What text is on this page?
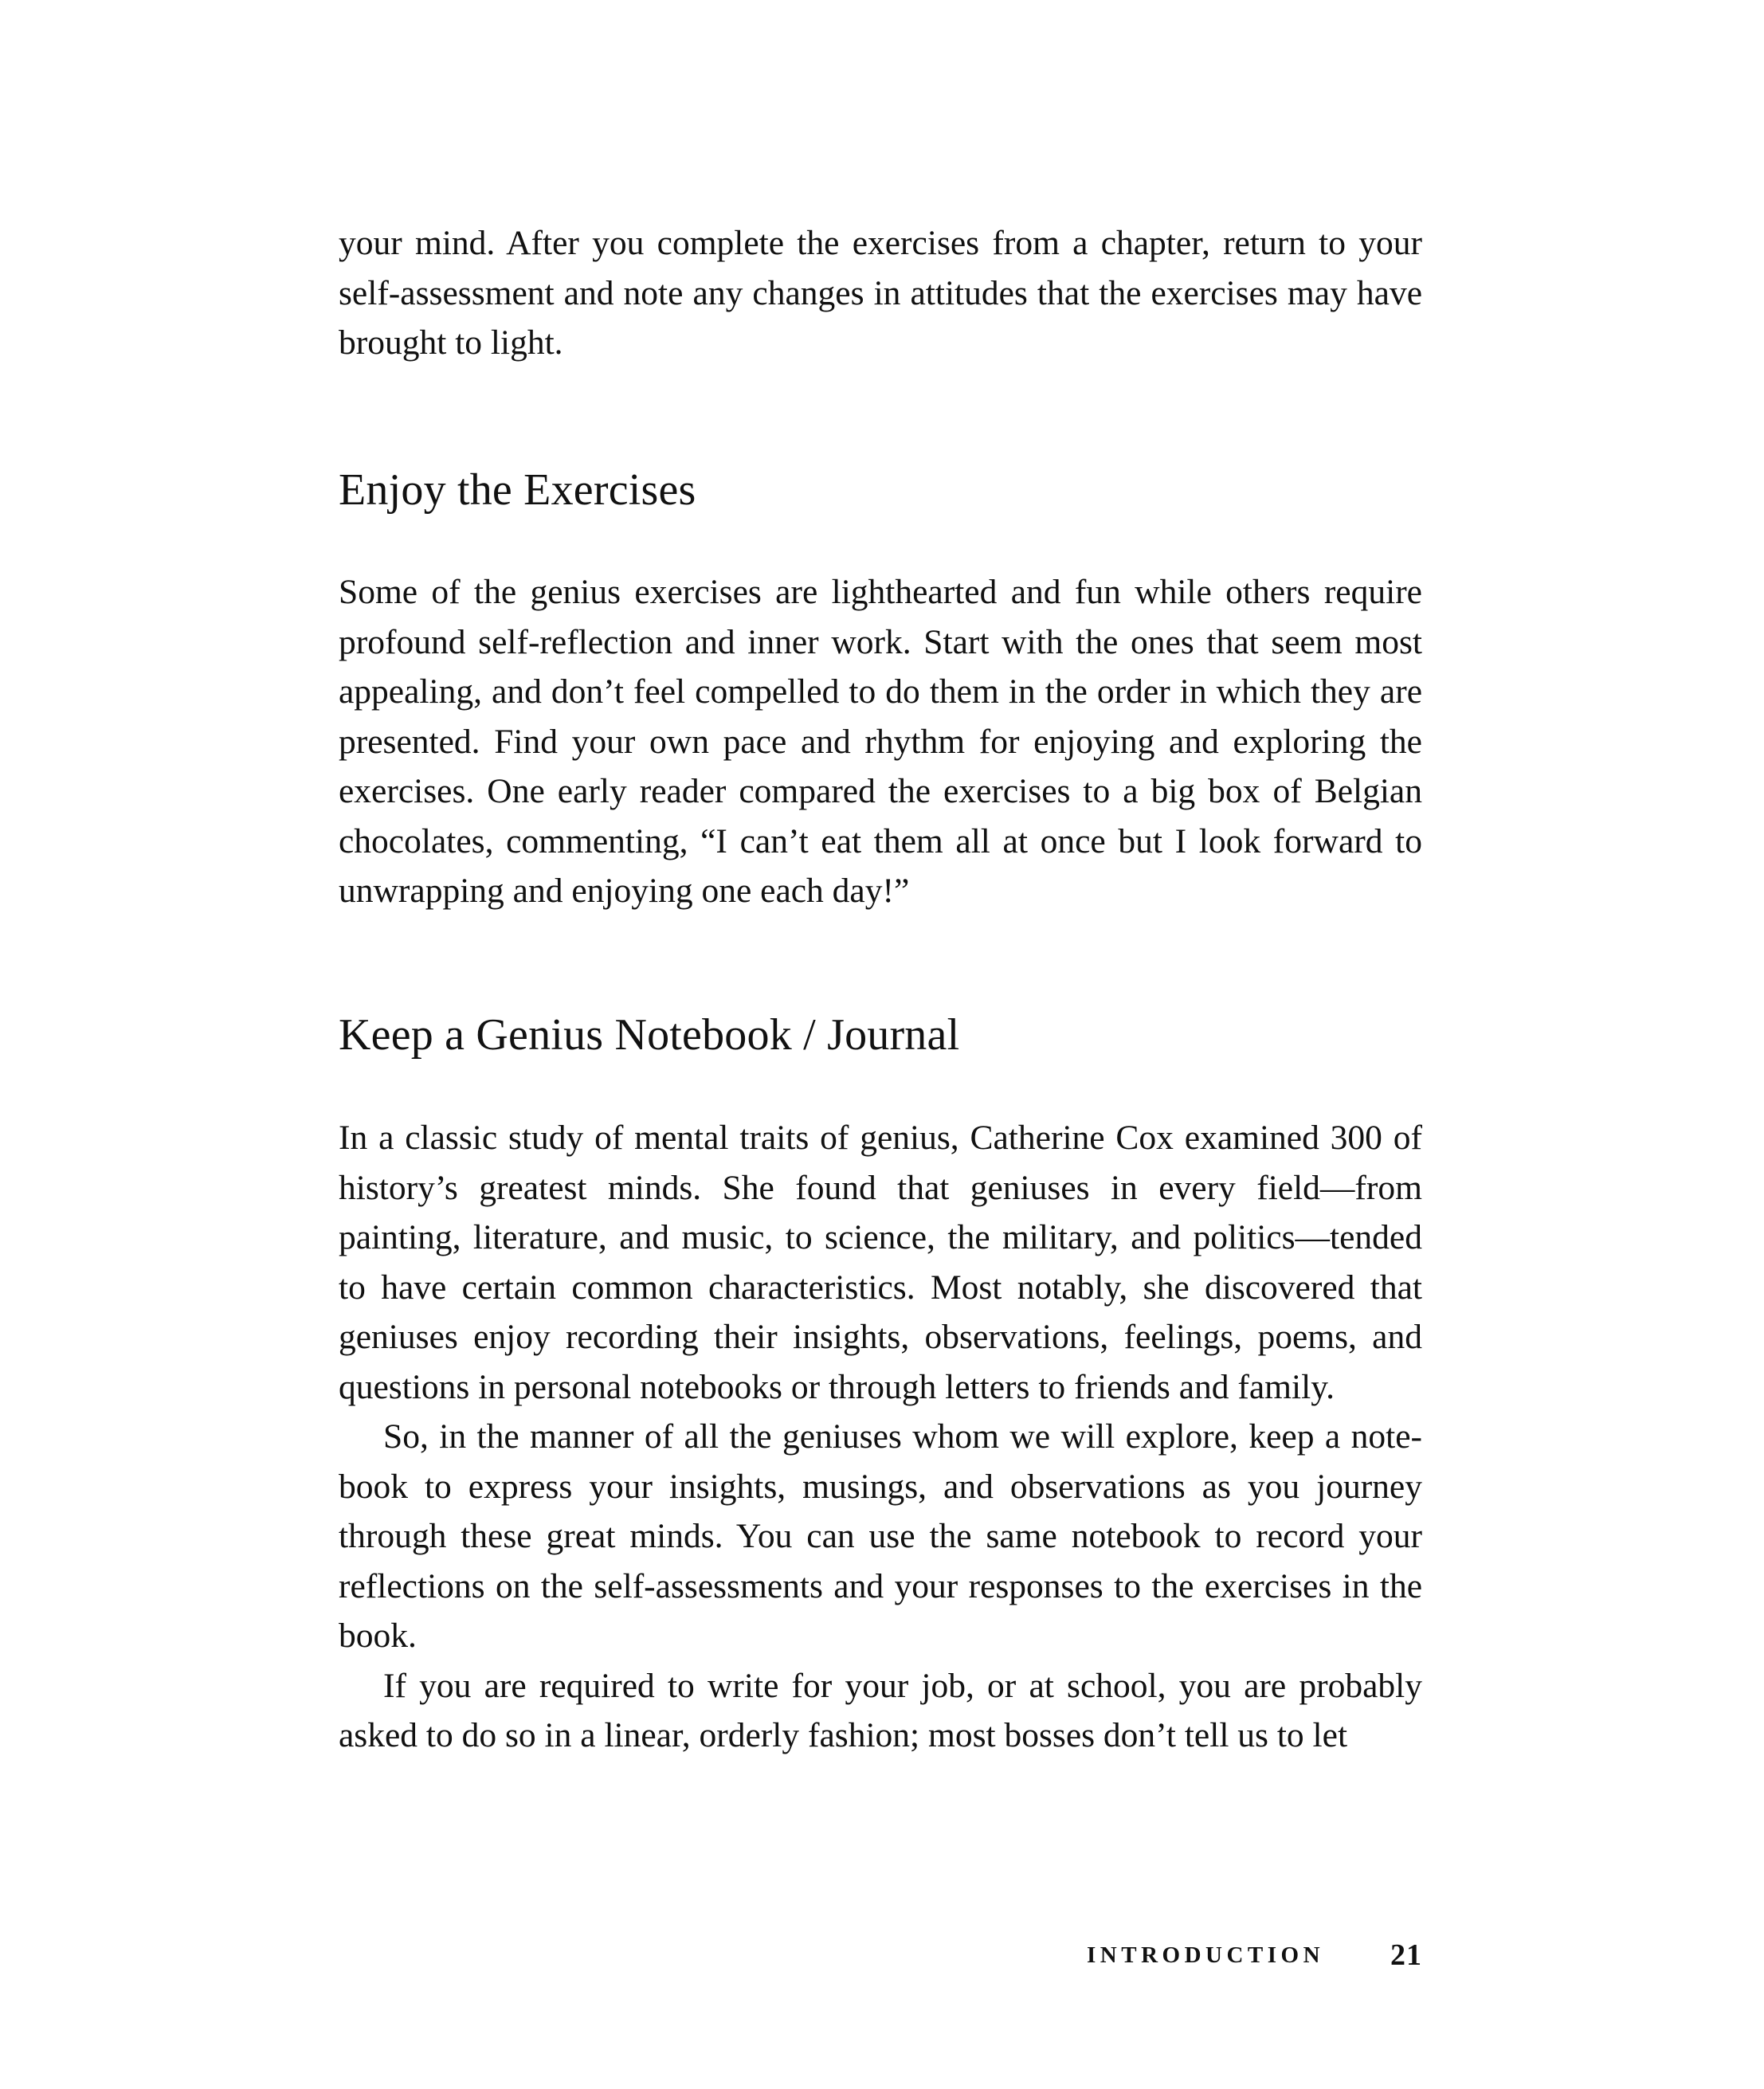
your mind. After you complete the exercises from a chapter, return to your self-assessment and note any changes in attitudes that the exercises may have brought to light.

Enjoy the Exercises

Some of the genius exercises are lighthearted and fun while others require profound self-reflection and inner work. Start with the ones that seem most appealing, and don’t feel compelled to do them in the order in which they are presented. Find your own pace and rhythm for enjoying and exploring the exercises. One early reader compared the exercises to a big box of Belgian chocolates, commenting, “I can’t eat them all at once but I look forward to unwrapping and enjoying one each day!”

Keep a Genius Notebook / Journal

In a classic study of mental traits of genius, Catherine Cox examined 300 of history’s greatest minds. She found that geniuses in every field—from painting, literature, and music, to science, the military, and politics—tended to have certain common characteristics. Most notably, she discovered that geniuses enjoy recording their insights, observations, feelings, poems, and questions in personal notebooks or through letters to friends and family.

So, in the manner of all the geniuses whom we will explore, keep a notebook to express your insights, musings, and observations as you journey through these great minds. You can use the same notebook to record your reflections on the self-assessments and your responses to the exercises in the book.

If you are required to write for your job, or at school, you are probably asked to do so in a linear, orderly fashion; most bosses don’t tell us to let

INTRODUCTION 21
